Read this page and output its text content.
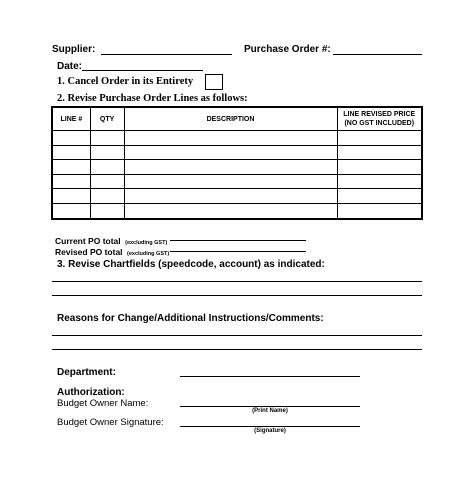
Supplier:	Purchase Order #:
Date:
1. Cancel Order in its Entirety
2. Revise Purchase Order Lines as follows:
LINE #	QTY	DESCRIPTION	LINE REVISED PRICE
(NO GST INCLUDED)

Current PO total (excluding GST)
Revised PO total (excluding GST)
3. Revise Chartfields (speedcode, account) as indicated:
Reasons for Change/Additional Instructions/Comments:
Department:
Authorization:
Budget Owner Name:
(Print Name)
Budget Owner Signature:
(Signature)
